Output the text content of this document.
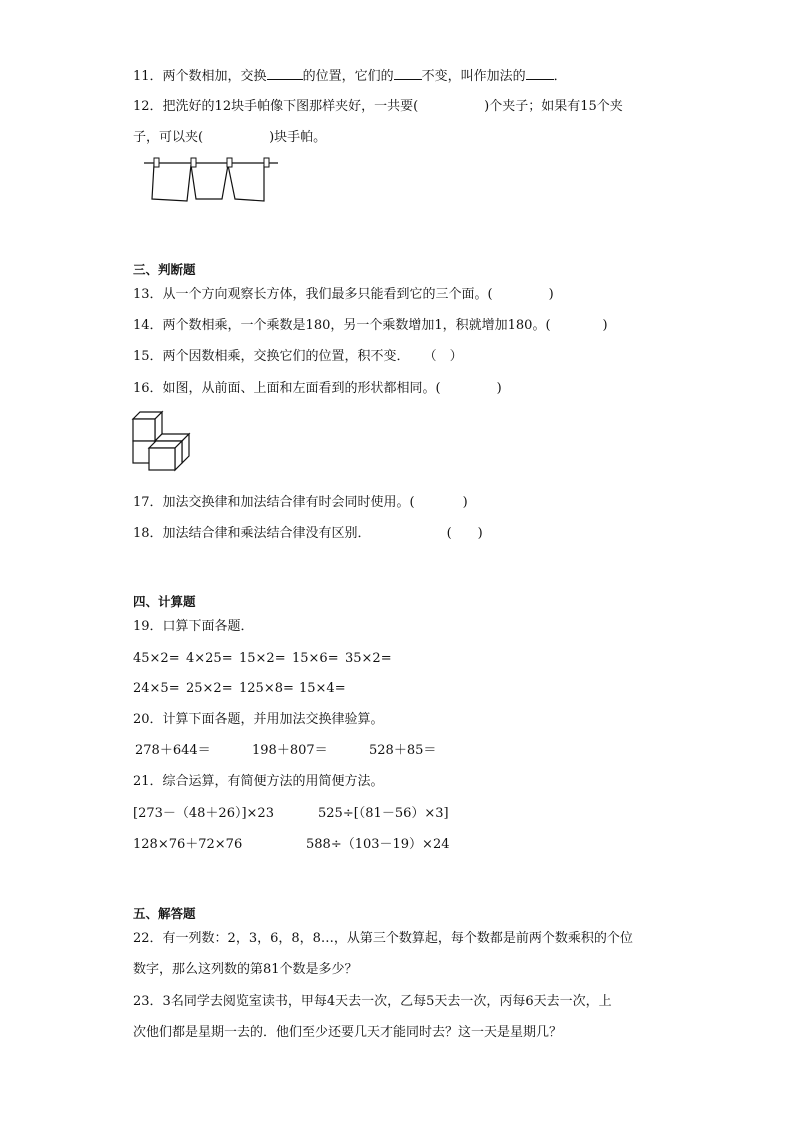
11．两个数相加，交换	的位置，它们的 不变，叫作加法的 ．
12．把洗好的12块手帕像下图那样夹好，一共要(	)个夹子；如果有15个夹
子，可以夹(	)块手帕。
三、判断题
13．从一个方向观察长方体，我们最多只能看到它的三个面。(	)
14．两个数相乘，一个乘数是180，另一个乘数增加1，积就增加180。(	)
15．两个因数相乘，交换它们的位置，积不变． （　）
16．如图，从前面、上面和左面看到的形状都相同。(	)
17．加法交换律和加法结合律有时会同时使用。(	)
18．加法结合律和乘法结合律没有区别．	(　　)
四、计算题
19．口算下面各题．
45×2= 4×25= 15×2= 15×6= 35×2=
24×5= 25×2= 125×8= 15×4=
20．计算下面各题，并用加法交换律验算。
278＋644＝	198＋807＝	528＋85＝
21．综合运算，有简便方法的用简便方法。
[273－（48＋26）]×23	525÷[（81－56）×3]
128×76＋72×76	588÷（103－19）×24
五、解答题
22．有一列数：2，3，6，8，8…，从第三个数算起，每个数都是前两个数乘积的个位
数字，那么这列数的第81个数是多少？
23．3名同学去阅览室读书，甲每4天去一次，乙每5天去一次，丙每6天去一次，上
次他们都是星期一去的．他们至少还要几天才能同时去？这一天是星期几？
